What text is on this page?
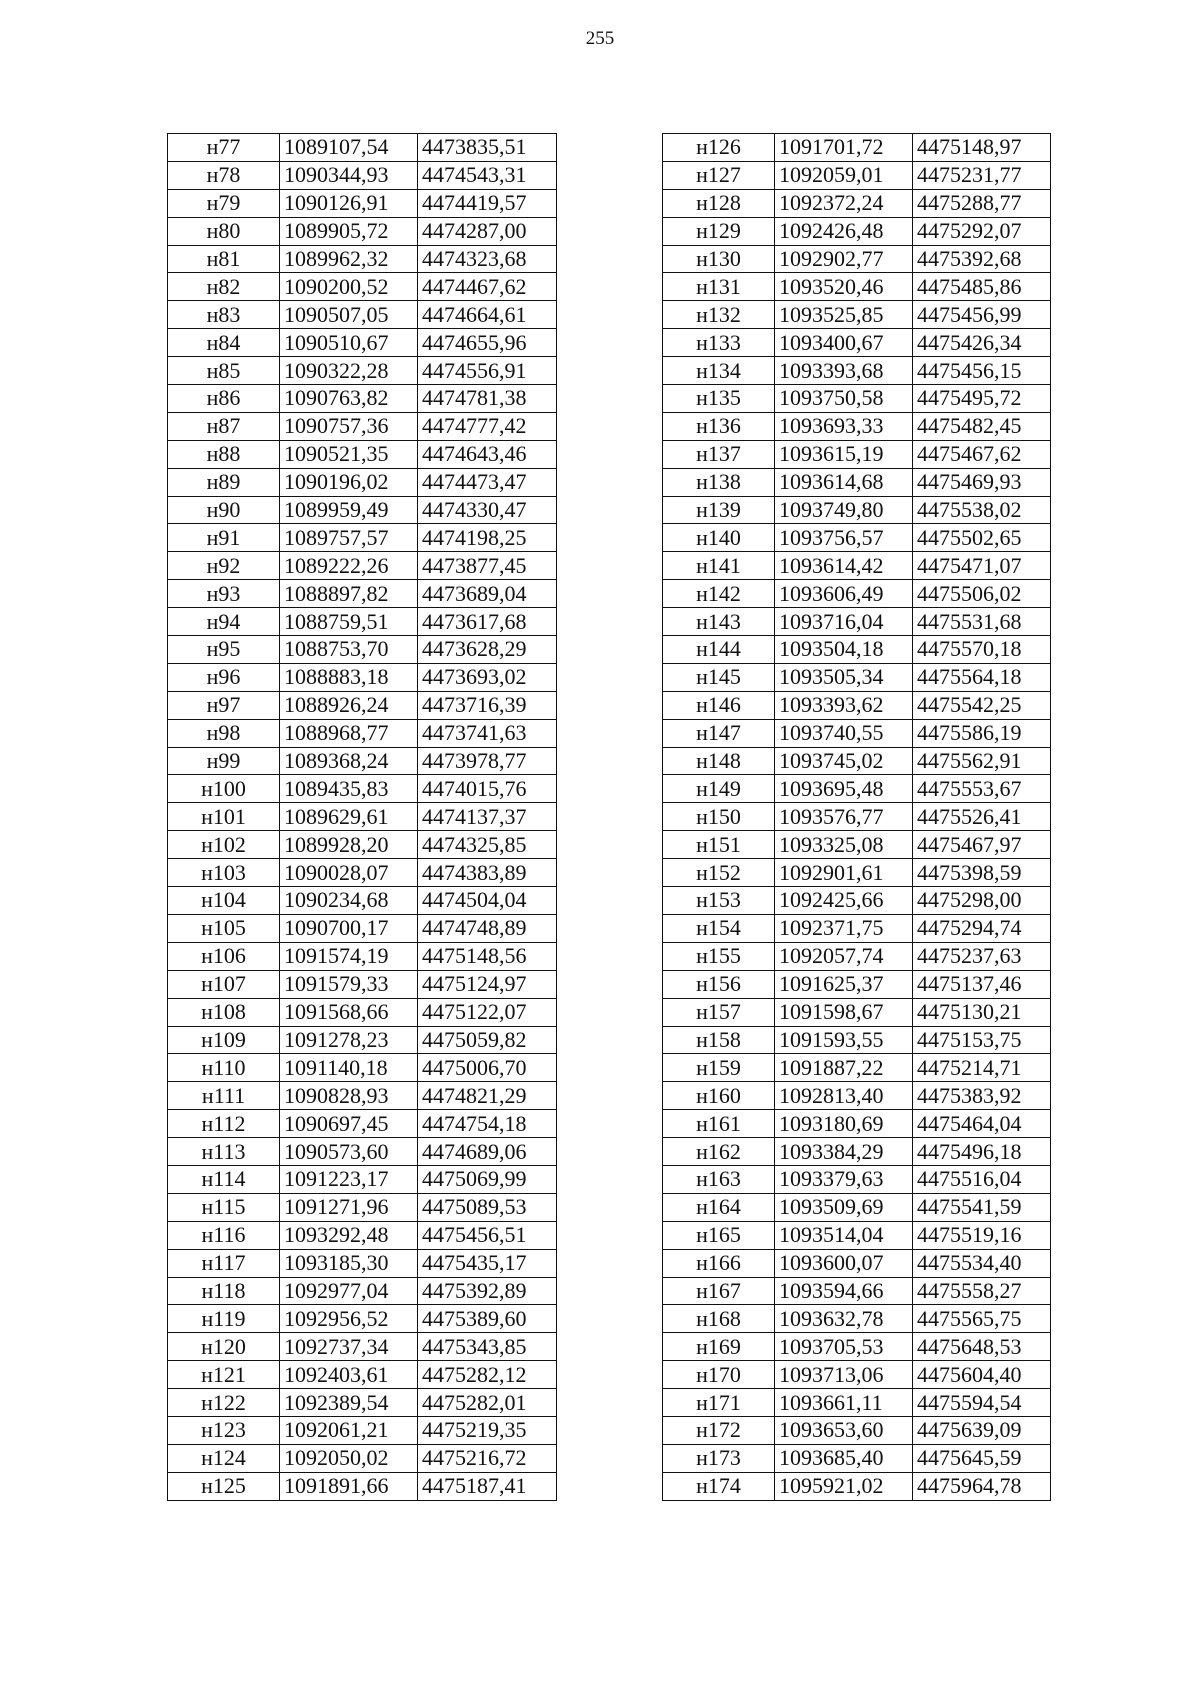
255
н77	1089107,54	4473835,51
н78	1090344,93	4474543,31
н79	1090126,91	4474419,57
н80	1089905,72	4474287,00
н81	1089962,32	4474323,68
н82	1090200,52	4474467,62
н83	1090507,05	4474664,61
н84	1090510,67	4474655,96
н85	1090322,28	4474556,91
н86	1090763,82	4474781,38
н87	1090757,36	4474777,42
н88	1090521,35	4474643,46
н89	1090196,02	4474473,47
н90	1089959,49	4474330,47
н91	1089757,57	4474198,25
н92	1089222,26	4473877,45
н93	1088897,82	4473689,04
н94	1088759,51	4473617,68
н95	1088753,70	4473628,29
н96	1088883,18	4473693,02
н97	1088926,24	4473716,39
н98	1088968,77	4473741,63
н99	1089368,24	4473978,77
н100	1089435,83	4474015,76
н101	1089629,61	4474137,37
н102	1089928,20	4474325,85
н103	1090028,07	4474383,89
н104	1090234,68	4474504,04
н105	1090700,17	4474748,89
н106	1091574,19	4475148,56
н107	1091579,33	4475124,97
н108	1091568,66	4475122,07
н109	1091278,23	4475059,82
н110	1091140,18	4475006,70
н111	1090828,93	4474821,29
н112	1090697,45	4474754,18
н113	1090573,60	4474689,06
н114	1091223,17	4475069,99
н115	1091271,96	4475089,53
н116	1093292,48	4475456,51
н117	1093185,30	4475435,17
н118	1092977,04	4475392,89
н119	1092956,52	4475389,60
н120	1092737,34	4475343,85
н121	1092403,61	4475282,12
н122	1092389,54	4475282,01
н123	1092061,21	4475219,35
н124	1092050,02	4475216,72
н125	1091891,66	4475187,41
н126	1091701,72	4475148,97
н127	1092059,01	4475231,77
н128	1092372,24	4475288,77
н129	1092426,48	4475292,07
н130	1092902,77	4475392,68
н131	1093520,46	4475485,86
н132	1093525,85	4475456,99
н133	1093400,67	4475426,34
н134	1093393,68	4475456,15
н135	1093750,58	4475495,72
н136	1093693,33	4475482,45
н137	1093615,19	4475467,62
н138	1093614,68	4475469,93
н139	1093749,80	4475538,02
н140	1093756,57	4475502,65
н141	1093614,42	4475471,07
н142	1093606,49	4475506,02
н143	1093716,04	4475531,68
н144	1093504,18	4475570,18
н145	1093505,34	4475564,18
н146	1093393,62	4475542,25
н147	1093740,55	4475586,19
н148	1093745,02	4475562,91
н149	1093695,48	4475553,67
н150	1093576,77	4475526,41
н151	1093325,08	4475467,97
н152	1092901,61	4475398,59
н153	1092425,66	4475298,00
н154	1092371,75	4475294,74
н155	1092057,74	4475237,63
н156	1091625,37	4475137,46
н157	1091598,67	4475130,21
н158	1091593,55	4475153,75
н159	1091887,22	4475214,71
н160	1092813,40	4475383,92
н161	1093180,69	4475464,04
н162	1093384,29	4475496,18
н163	1093379,63	4475516,04
н164	1093509,69	4475541,59
н165	1093514,04	4475519,16
н166	1093600,07	4475534,40
н167	1093594,66	4475558,27
н168	1093632,78	4475565,75
н169	1093705,53	4475648,53
н170	1093713,06	4475604,40
н171	1093661,11	4475594,54
н172	1093653,60	4475639,09
н173	1093685,40	4475645,59
н174	1095921,02	4475964,78
